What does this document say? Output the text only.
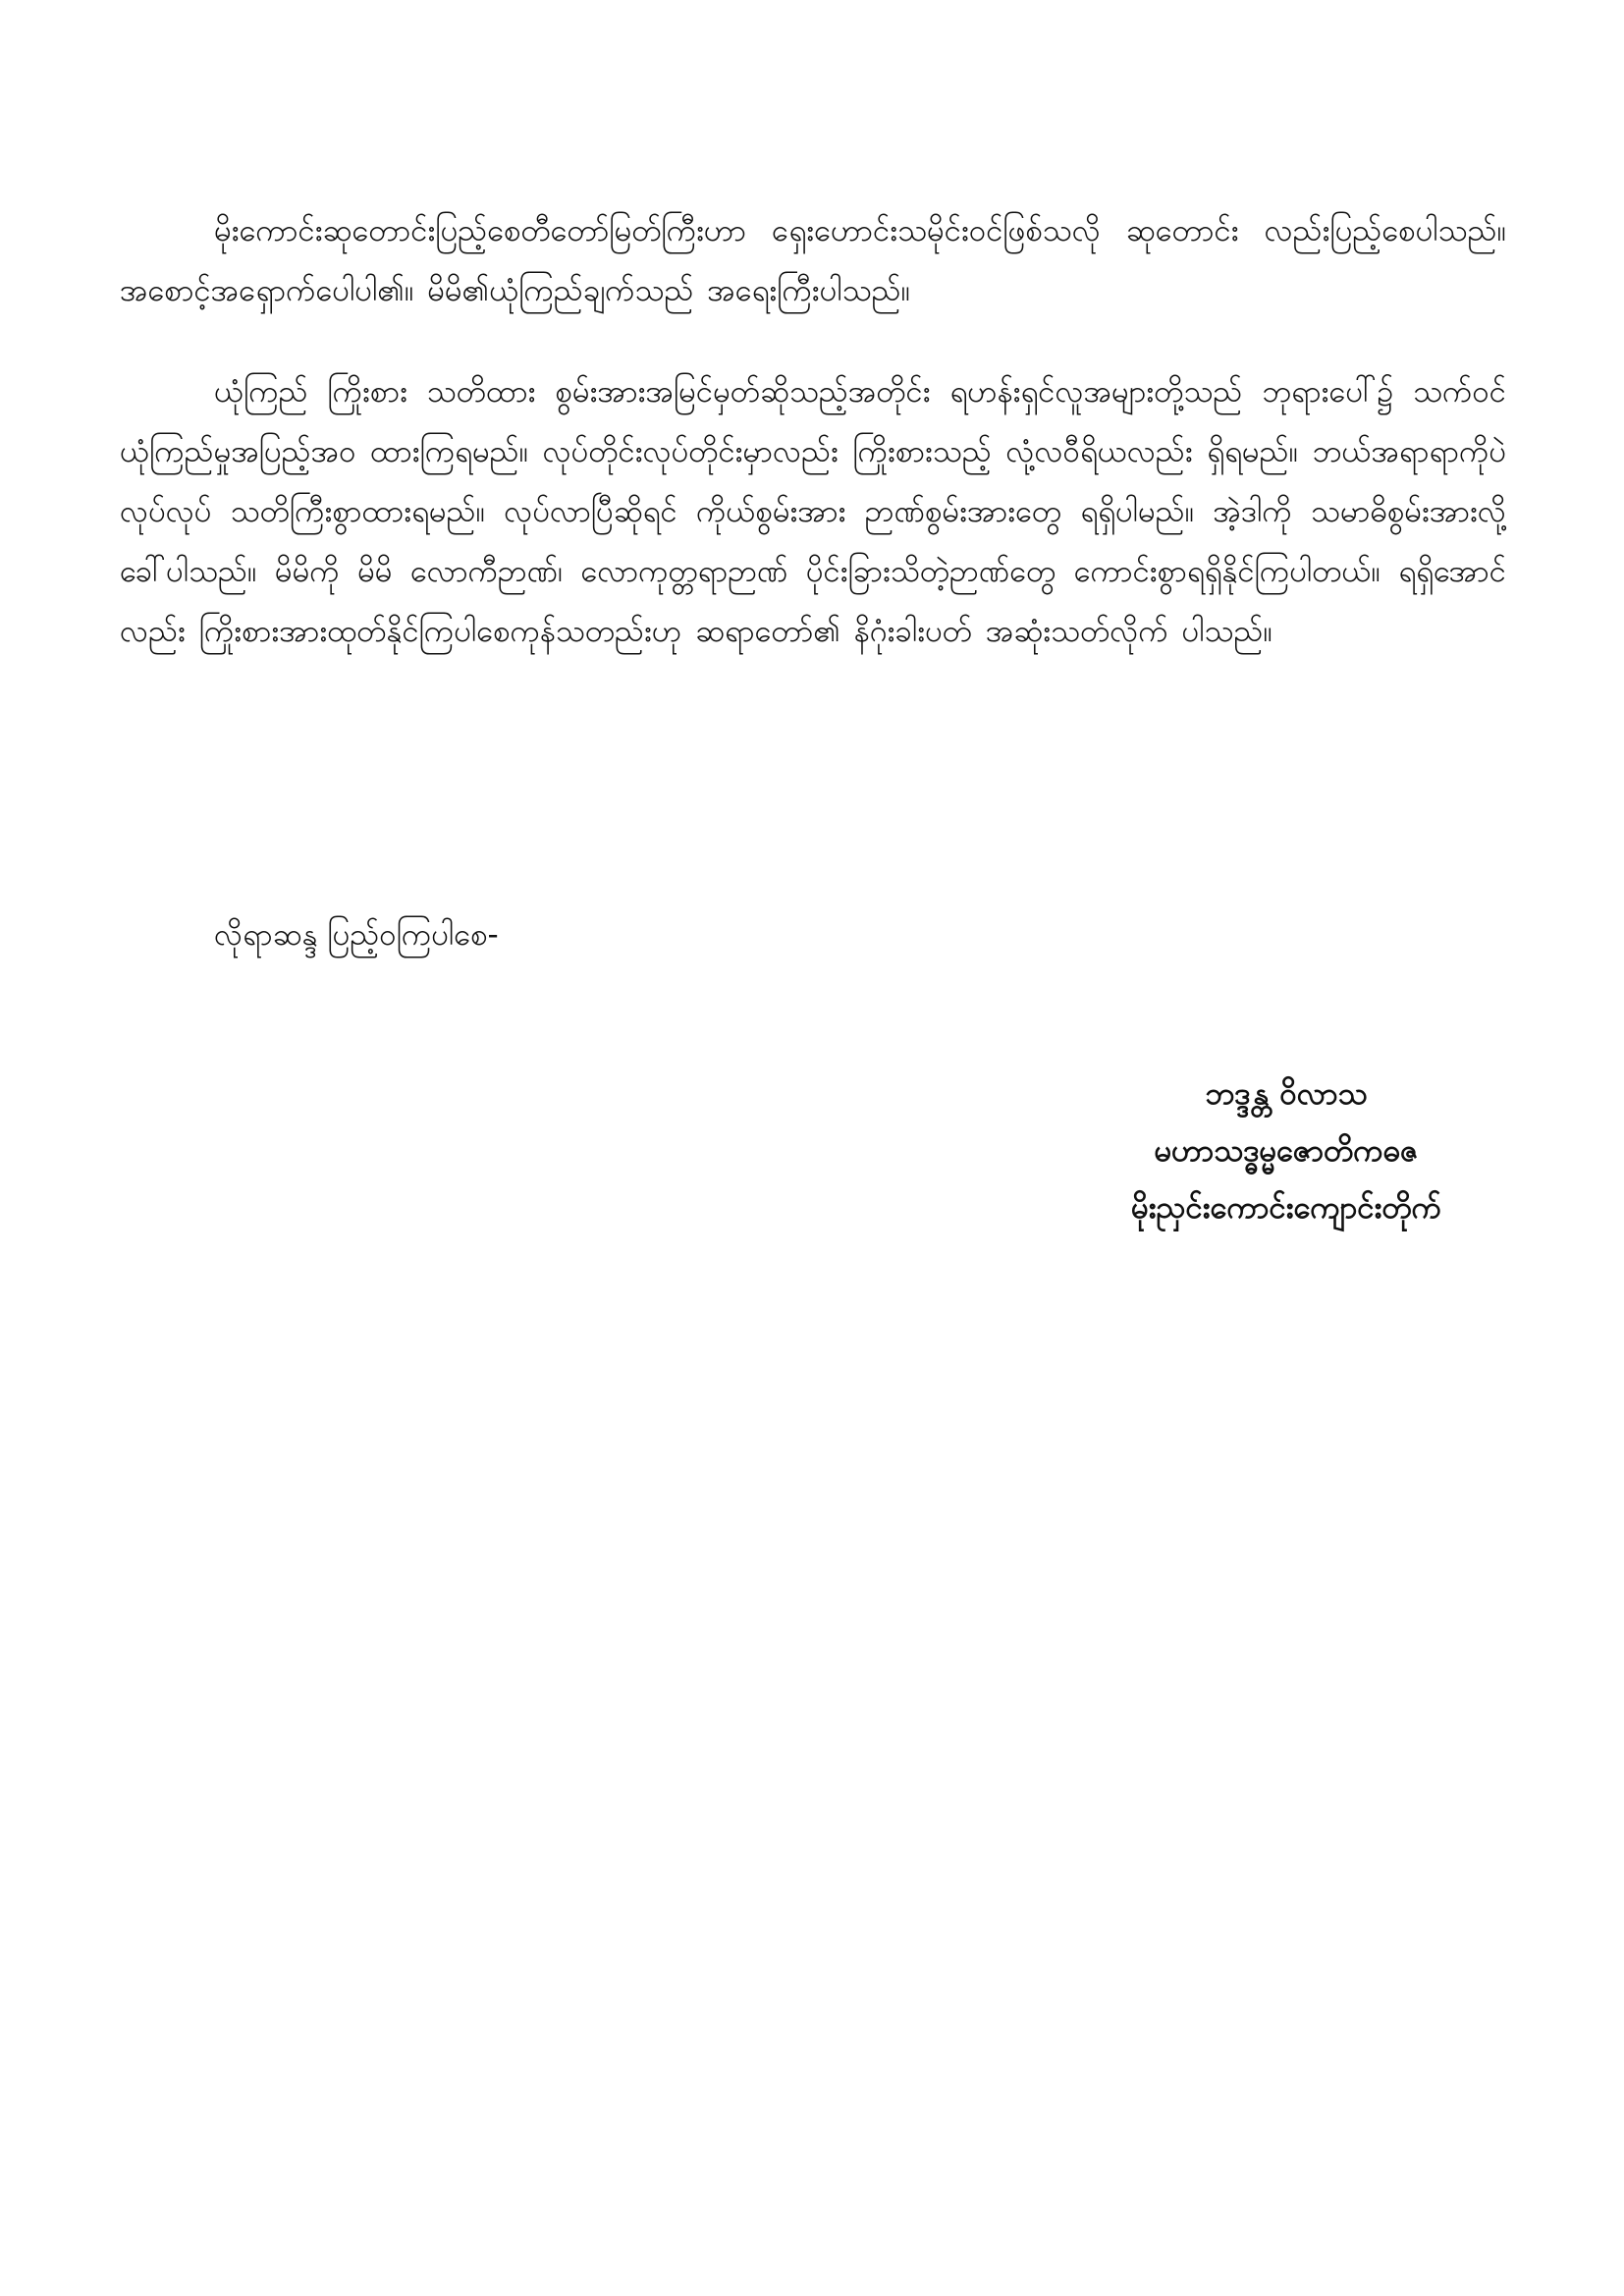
မိုးကောင်းဆုတောင်းပြည့်စေတီတော်မြတ်ကြီးဟာ ရှေးဟောင်းသမိုင်းဝင်ဖြစ်သလို ဆုတောင်း လည်းပြည့်စေပါသည်။ အစောင့်အရှောက်ပေါပါ၏။ မိမိ၏ယုံကြည်ချက်သည် အရေးကြီးပါသည်။

ယုံကြည် ကြိုးစား သတိထား စွမ်းအားအမြင်မှတ်ဆိုသည့်အတိုင်း ရဟန်းရှင်လူအများတို့သည် ဘုရားပေါ်၌ သက်ဝင်ယုံကြည်မှုအပြည့်အဝ ထားကြရမည်။ လုပ်တိုင်းလုပ်တိုင်းမှာလည်း ကြိုးစားသည့် လုံ့လဝီရိယလည်း ရှိရမည်။ ဘယ်အရာရာကိုပဲလုပ်လုပ် သတိကြီးစွာထားရမည်။ လုပ်လာပြီဆိုရင် ကိုယ်စွမ်းအား ဉာဏ်စွမ်းအားတွေ ရရှိပါမည်။ အဲ့ဒါကို သမာဓိစွမ်းအားလို့ခေါ်ပါသည်။ မိမိကို မိမိ လောကီဉာဏ်၊ လောကုတ္တရာဉာဏ် ပိုင်းခြားသိတဲ့ဉာဏ်တွေ ကောင်းစွာရရှိနိုင်ကြပါတယ်။ ရရှိအောင် လည်း ကြိုးစားအားထုတ်နိုင်ကြပါစေကုန်သတည်းဟု ဆရာတော်၏ နိဂုံးခါးပတ် အဆုံးသတ်လိုက် ပါသည်။

လိုရာဆန္ဒ ပြည့်ဝကြပါစေ-

ဘဒ္ဒန္တ ဝိလာသ
မဟာသဒ္ဓမ္မဇောတိကဓဇ
မိုးညှင်းကောင်းကျောင်းတိုက်
